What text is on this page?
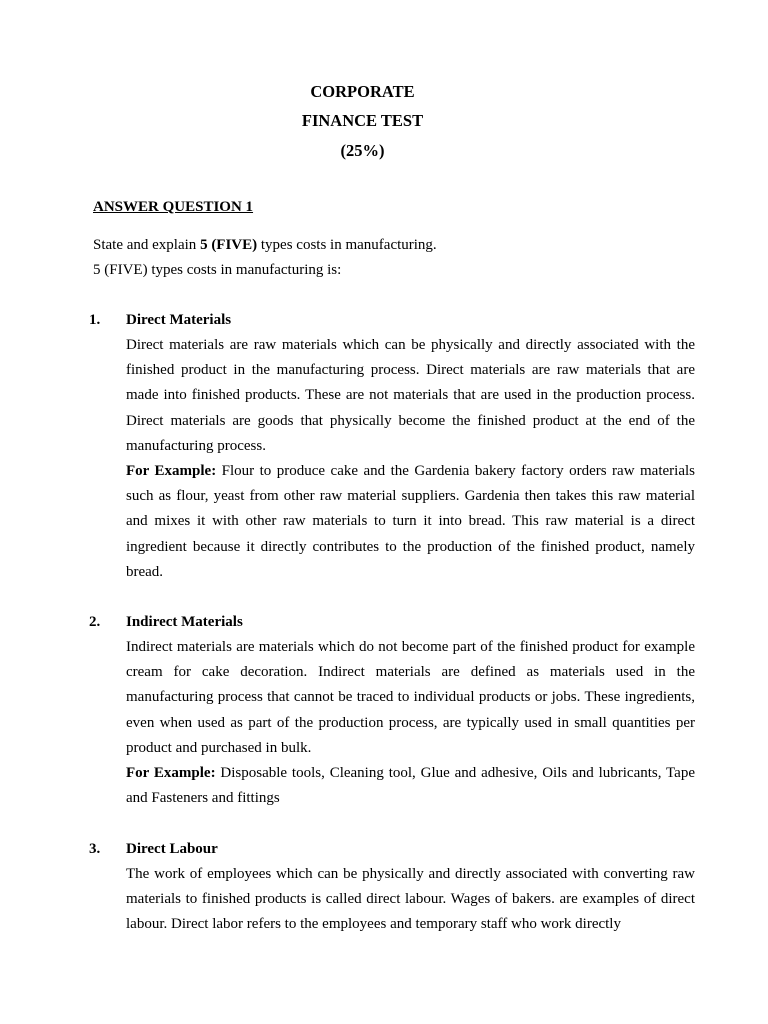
CORPORATE
FINANCE TEST
(25%)
ANSWER QUESTION 1
State and explain 5 (FIVE) types costs in manufacturing.
5 (FIVE) types costs in manufacturing is:
1. Direct Materials

Direct materials are raw materials which can be physically and directly associated with the finished product in the manufacturing process. Direct materials are raw materials that are made into finished products. These are not materials that are used in the production process. Direct materials are goods that physically become the finished product at the end of the manufacturing process.

For Example: Flour to produce cake and the Gardenia bakery factory orders raw materials such as flour, yeast from other raw material suppliers. Gardenia then takes this raw material and mixes it with other raw materials to turn it into bread. This raw material is a direct ingredient because it directly contributes to the production of the finished product, namely bread.

2. Indirect Materials

Indirect materials are materials which do not become part of the finished product for example cream for cake decoration. Indirect materials are defined as materials used in the manufacturing process that cannot be traced to individual products or jobs. These ingredients, even when used as part of the production process, are typically used in small quantities per product and purchased in bulk.

For Example: Disposable tools, Cleaning tool, Glue and adhesive, Oils and lubricants, Tape and Fasteners and fittings

3. Direct Labour

The work of employees which can be physically and directly associated with converting raw materials to finished products is called direct labour. Wages of bakers. are examples of direct labour. Direct labor refers to the employees and temporary staff who work directly
